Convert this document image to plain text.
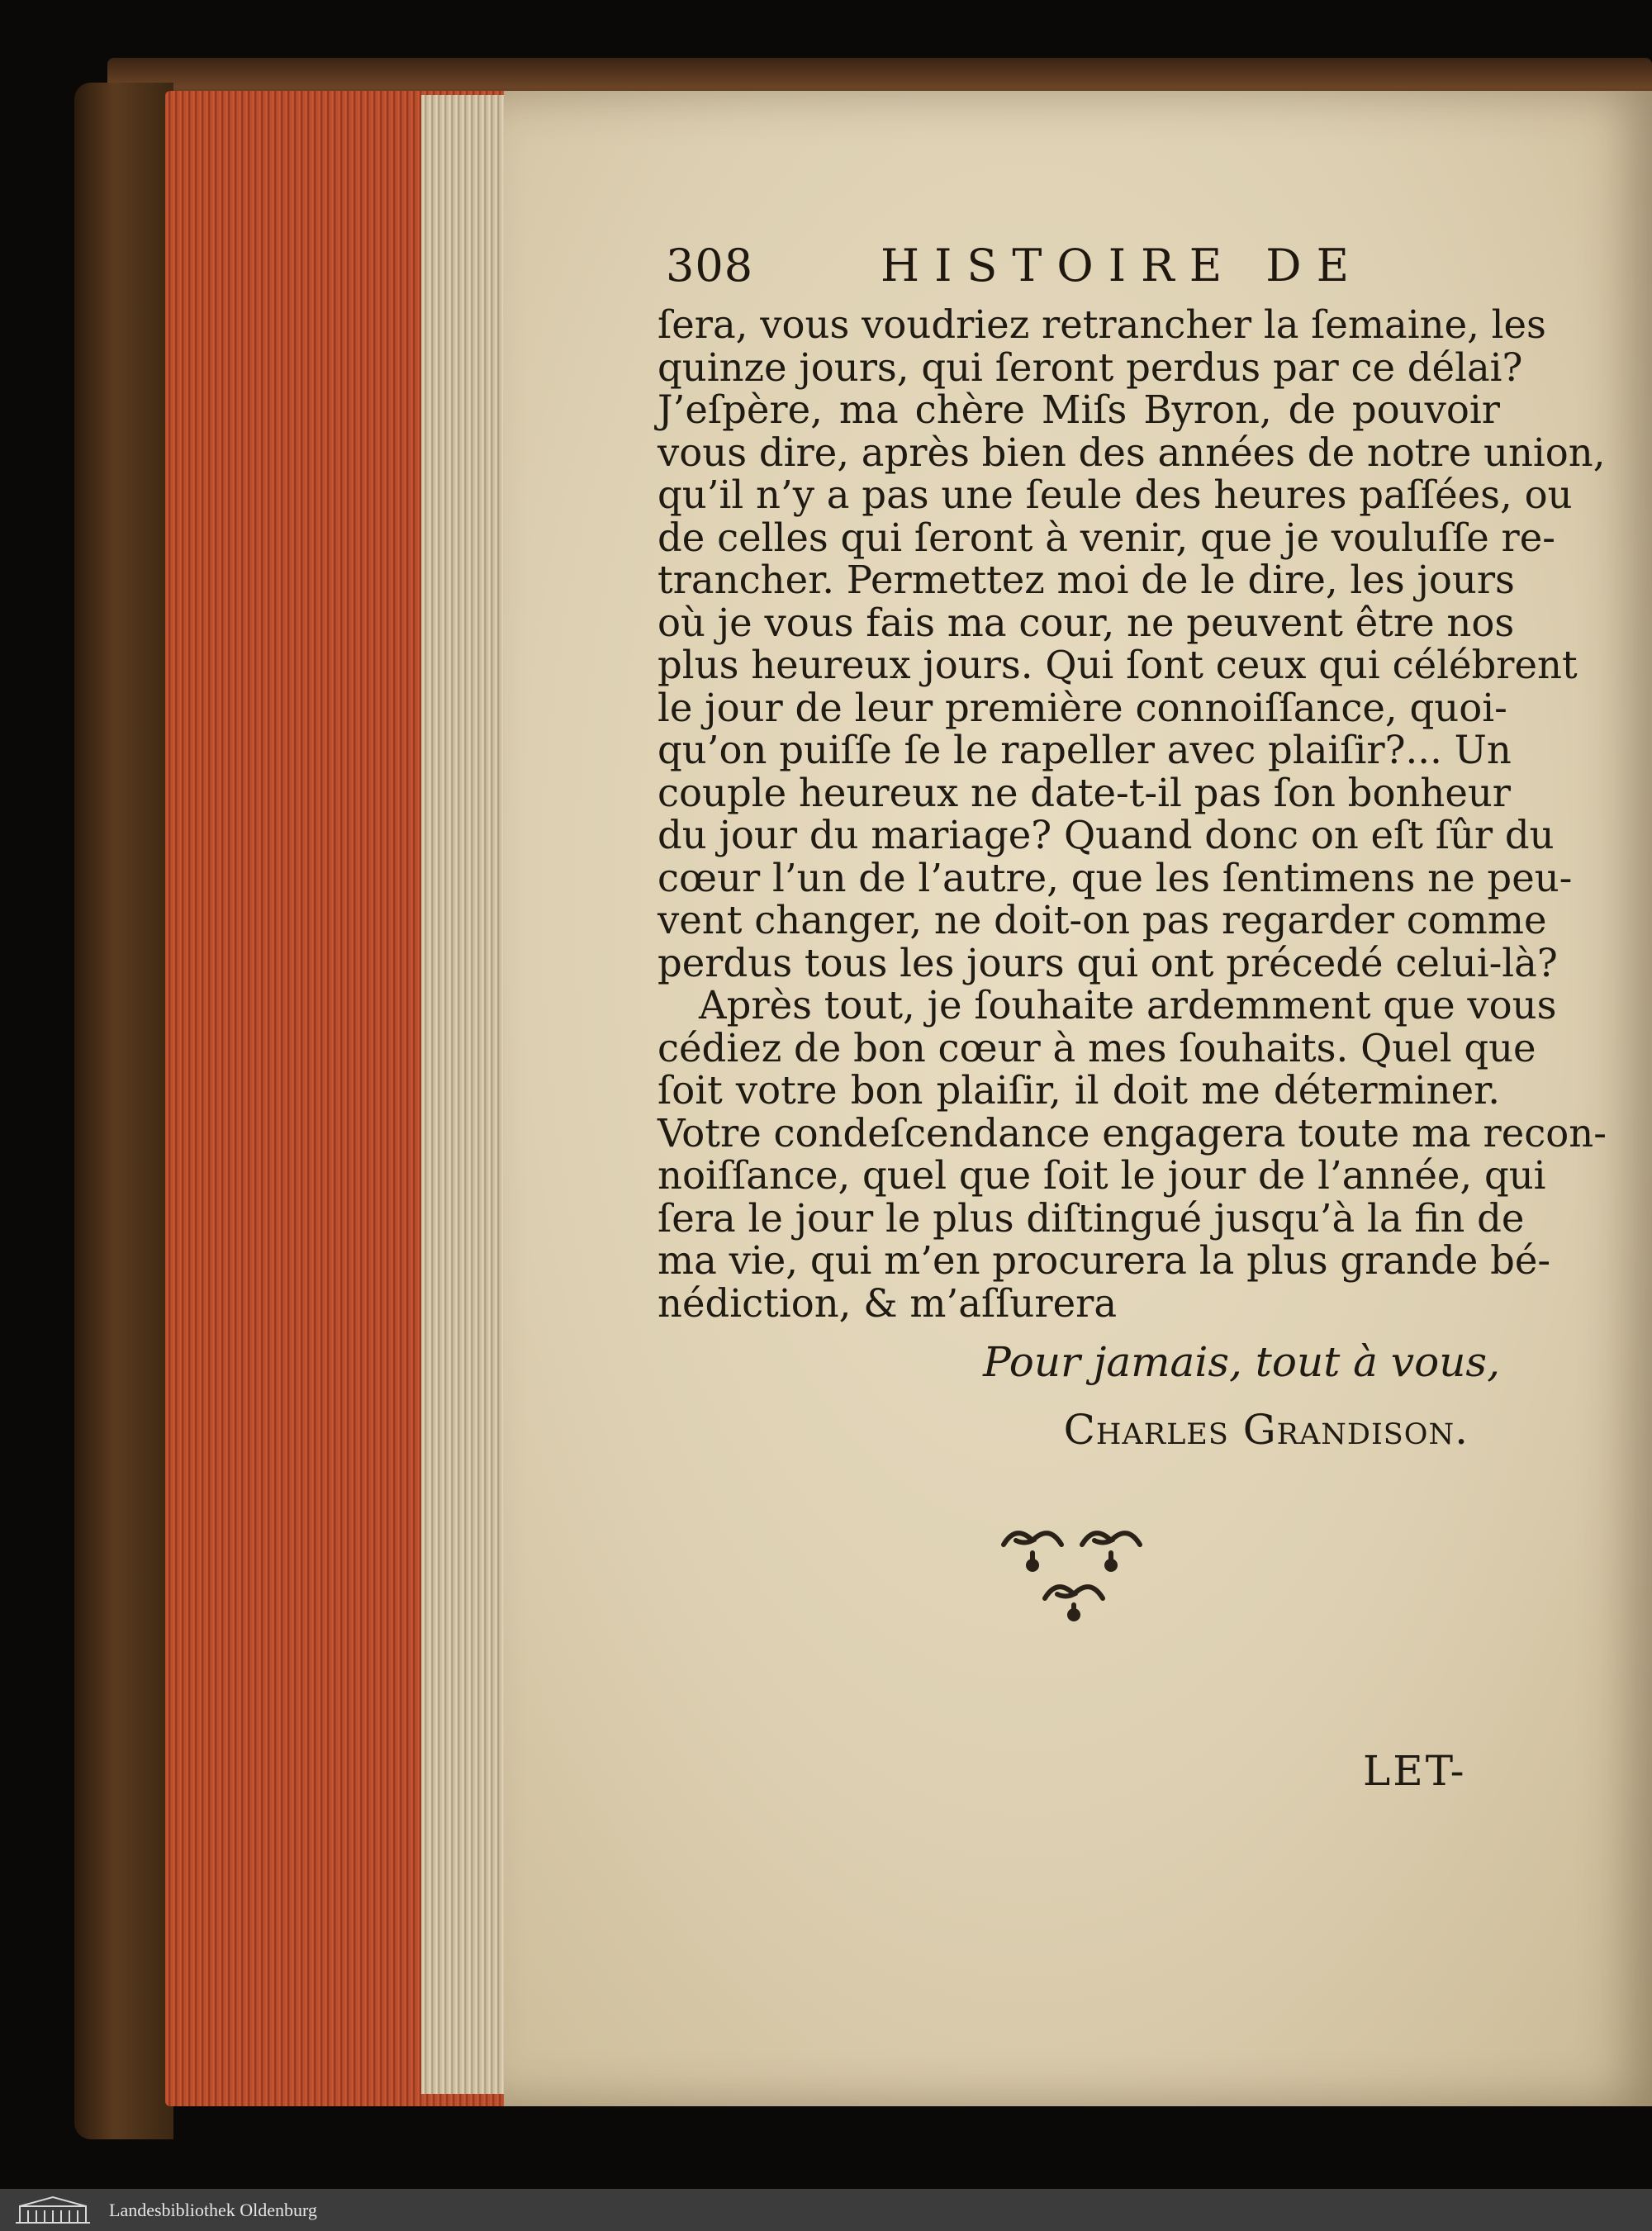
308	HISTOIRE DE
ſera, vous voudriez retrancher la ſemaine, les
quinze jours, qui ſeront perdus par ce délai?
J’eſpère, ma chère Miſs Byron, de pouvoir
vous dire, après bien des années de notre union,
qu’il n’y a pas une ſeule des heures paſſées, ou
de celles qui ſeront à venir, que je vouluſſe re-
trancher. Permettez moi de le dire, les jours
où je vous fais ma cour, ne peuvent être nos
plus heureux jours. Qui ſont ceux qui célébrent
le jour de leur première connoiſſance, quoi-
qu’on puiſſe ſe le rapeller avec plaiſir?... Un
couple heureux ne date-t-il pas ſon bonheur
du jour du mariage? Quand donc on eſt ſûr du
cœur l’un de l’autre, que les ſentimens ne peu-
vent changer, ne doit-on pas regarder comme
perdus tous les jours qui ont précedé celui-là?
Après tout, je ſouhaite ardemment que vous
cédiez de bon cœur à mes ſouhaits. Quel que
ſoit votre bon plaiſir, il doit me déterminer.
Votre condeſcendance engagera toute ma recon-
noiſſance, quel que ſoit le jour de l’année, qui
ſera le jour le plus diſtingué jusqu’à la fin de
ma vie, qui m’en procurera la plus grande bé-
nédiction, & m’aſſurera
Pour jamais, tout à vous,
Charles Grandison.
LET-
Landesbibliothek Oldenburg
